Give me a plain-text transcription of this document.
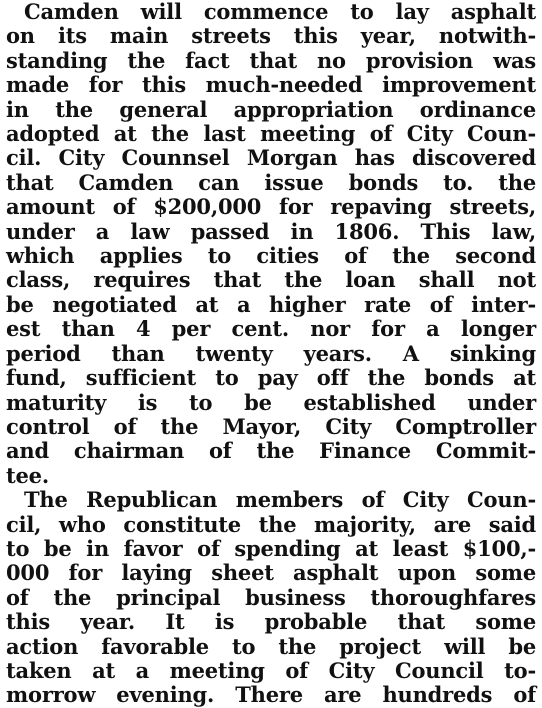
Camden will commence to lay asphalt
on its main streets this year, notwith-
standing the fact that no provision was
made for this much-needed improvement
in the general appropriation ordinance
adopted at the last meeting of City Coun-
cil. City Counnsel Morgan has discovered
that Camden can issue bonds to. the
amount of $200,000 for repaving streets,
under a law passed in 1806. This law,
which applies to cities of the second
class, requires that the loan shall not
be negotiated at a higher rate of inter-
est than 4 per cent. nor for a longer
period than twenty years. A sinking
fund, sufficient to pay off the bonds at
maturity is to be established under
control of the Mayor, City Comptroller
and chairman of the Finance Commit-
tee.

The Republican members of City Coun-
cil, who constitute the majority, are said
to be in favor of spending at least $100,-
000 for laying sheet asphalt upon some
of the principal business thoroughfares
this year. It is probable that some
action favorable to the project will be
taken at a meeting of City Council to-
morrow evening. There are hundreds of
